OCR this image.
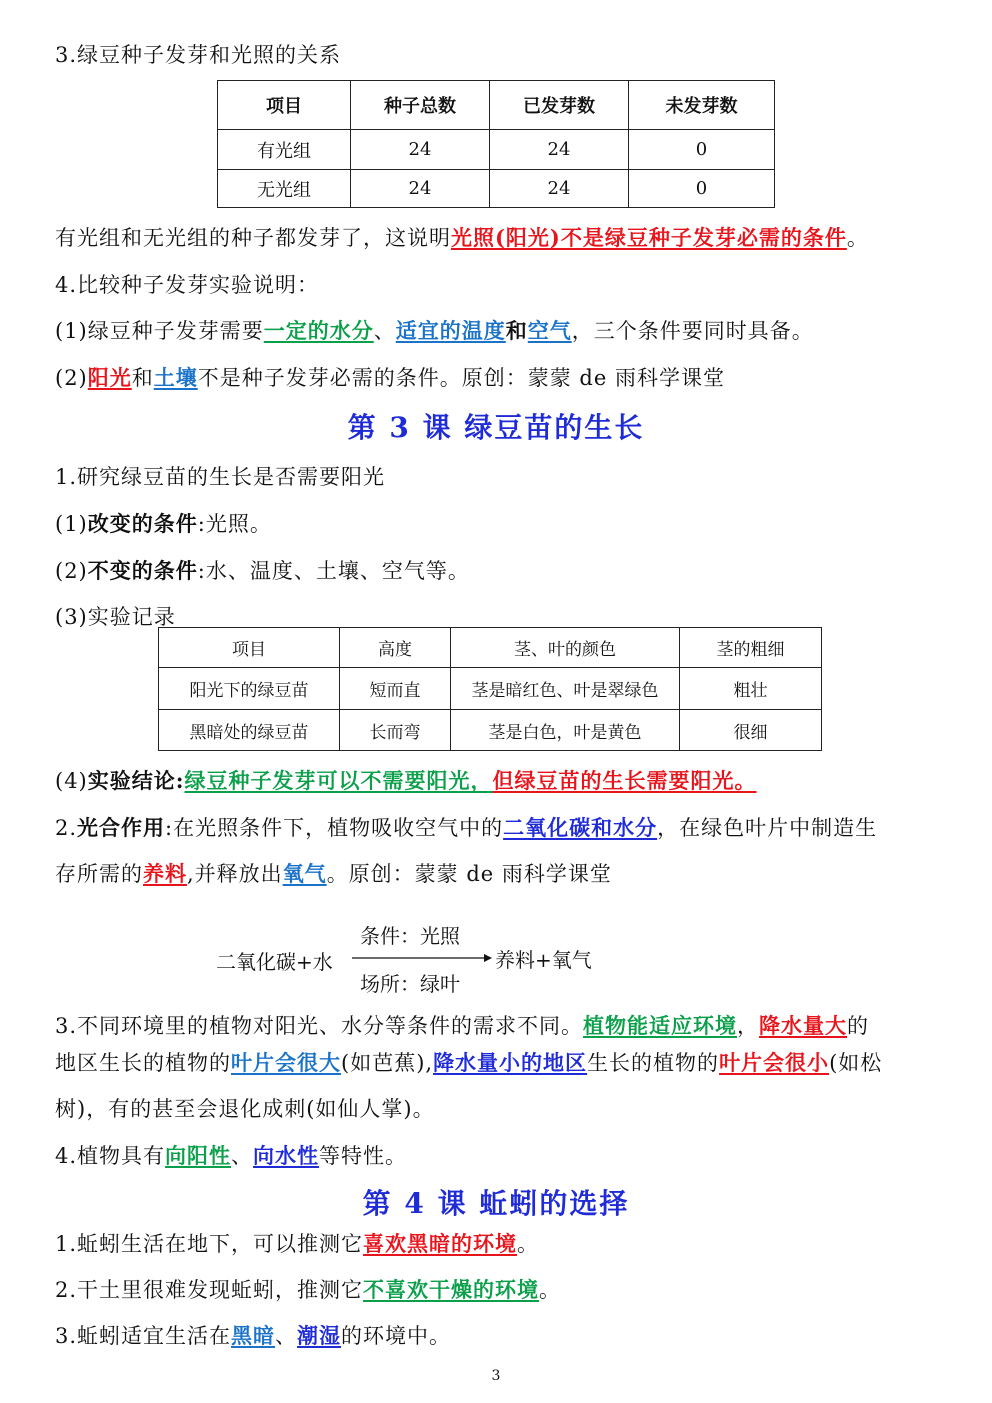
3.绿豆种子发芽和光照的关系
项目	种子总数	已发芽数	未发芽数
有光组	24	24	0
无光组	24	24	0
有光组和无光组的种子都发芽了，这说明光照(阳光)不是绿豆种子发芽必需的条件。
4.比较种子发芽实验说明：
(1)绿豆种子发芽需要一定的水分、适宜的温度和空气，三个条件要同时具备。
(2)阳光和土壤不是种子发芽必需的条件。原创：蒙蒙 de 雨科学课堂
第 3 课 绿豆苗的生长
1.研究绿豆苗的生长是否需要阳光
(1)改变的条件:光照。
(2)不变的条件:水、温度、土壤、空气等。
(3)实验记录
项目	高度	茎、叶的颜色	茎的粗细
阳光下的绿豆苗	短而直	茎是暗红色、叶是翠绿色	粗壮
黑暗处的绿豆苗	长而弯	茎是白色，叶是黄色	很细
(4)实验结论:绿豆种子发芽可以不需要阳光，但绿豆苗的生长需要阳光。
2.光合作用:在光照条件下，植物吸收空气中的二氧化碳和水分，在绿色叶片中制造生
存所需的养料,并释放出氧气。原创：蒙蒙 de 雨科学课堂
二氧化碳+水
条件：光照
场所：绿叶
养料+氧气
3.不同环境里的植物对阳光、水分等条件的需求不同。植物能适应环境，降水量大的
地区生长的植物的叶片会很大(如芭蕉),降水量小的地区生长的植物的叶片会很小(如松
树)，有的甚至会退化成刺(如仙人掌)。
4.植物具有向阳性、向水性等特性。
第 4 课 蚯蚓的选择
1.蚯蚓生活在地下，可以推测它喜欢黑暗的环境。
2.干土里很难发现蚯蚓，推测它不喜欢干燥的环境。
3.蚯蚓适宜生活在黑暗、潮湿的环境中。
3
